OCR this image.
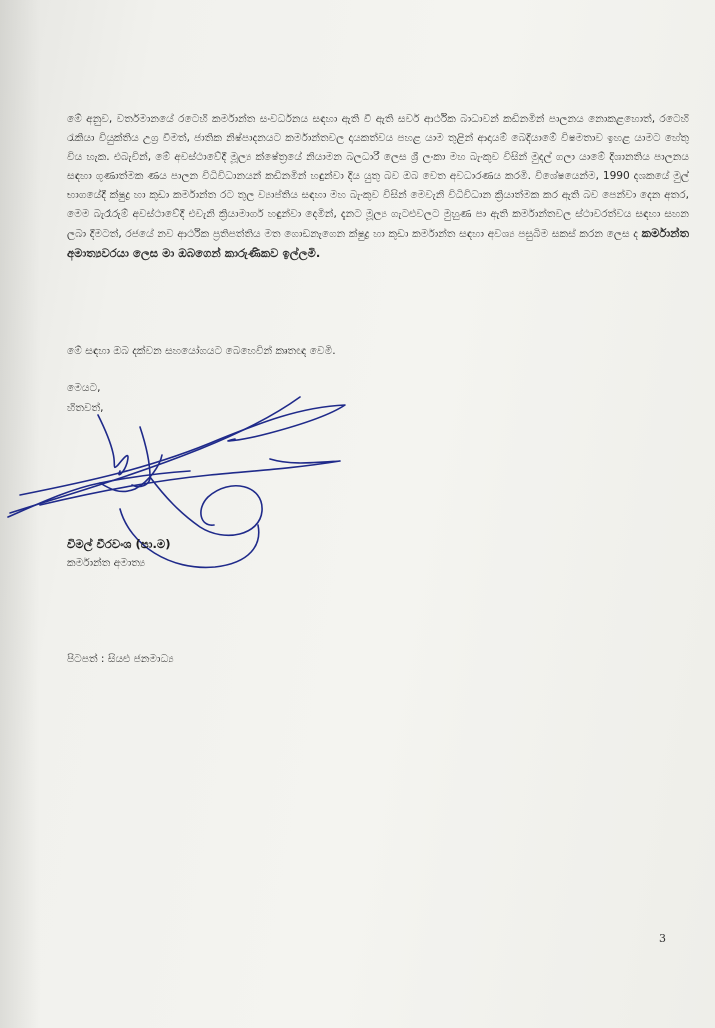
මේ අනුව, වර්තමානයේ රටෙහි කර්මාන්ත සංවර්ධනය සඳහා ඇති වී ඇති සර්ව ආර්ථික බාධාවන් කඩිනමින් පාලනය නොකළහොත්, රටෙහි රැකියා වියුක්තිය උග්‍ර වීමත්, ජාතික නිෂ්පාදනයට කර්මාන්තවල දායකත්වය පහළ යාම තුළින් ආදායම් බෙදියාමේ විෂමතාව ඉහළ යාමට හේතු විය හැක. එබැවින්, මේ අවස්ථාවේදී මූල්‍ය ක්ෂේත්‍රයේ නියාමන බලධාරී ලෙස ශ්‍රී ලංකා මහ බැංකුව විසින් මුදල් ගලා යාමේ දිශානතිය පාලනය සඳහා ගුණාත්මක ණය පාලන විධිවිධානයන් කඩිනමින් හඳුන්වා දිය යුතු බව ඔබ වෙත අවධාරණය කරමි. විශේෂයෙන්ම, 1990 දශකයේ මුල් භාගයේදී ක්ෂුද්‍ර හා කුඩා කර්මාන්ත රට තුල ව්‍යාප්තිය සඳහා මහ බැංකුව විසින් මෙවැනි විධිවිධාන ක්‍රියාත්මක කර ඇති බව පෙන්වා දෙන අතර, මෙම බැරෑරුම් අවස්ථාවේදී එවැනි ක්‍රියාමාර්ග හඳුන්වා දෙමින්, දැනට මූල්‍ය ගැටළුවලට මුහුණ පා ඇති කර්මාන්තවල ස්ථාවරත්වය සඳහා සහන ලබා දීමටත්, රජයේ නව ආර්ථික ප්‍රතිපත්තිය මත ගොඩනැගෙන ක්ෂුද්‍ර හා කුඩා කර්මාන්ත සඳහා අවශ්‍ය පසුබිම සකස් කරන ලෙස ද කර්මාන්ත අමාත්‍යවරයා ලෙස මා ඔබගෙන් කාරුණිකව ඉල්ලමි.

මේ සඳහා ඔබ දක්වන සහයෝගයට බෙහෙවින් කෘතඥ වෙමි.

මෙයට,
හිතවත්,

විමල් වීරවංශ (පා.ම)

කර්මාන්ත අමාත්‍ය

පිටපත් : සියළු ජනමාධ්‍ය

3
